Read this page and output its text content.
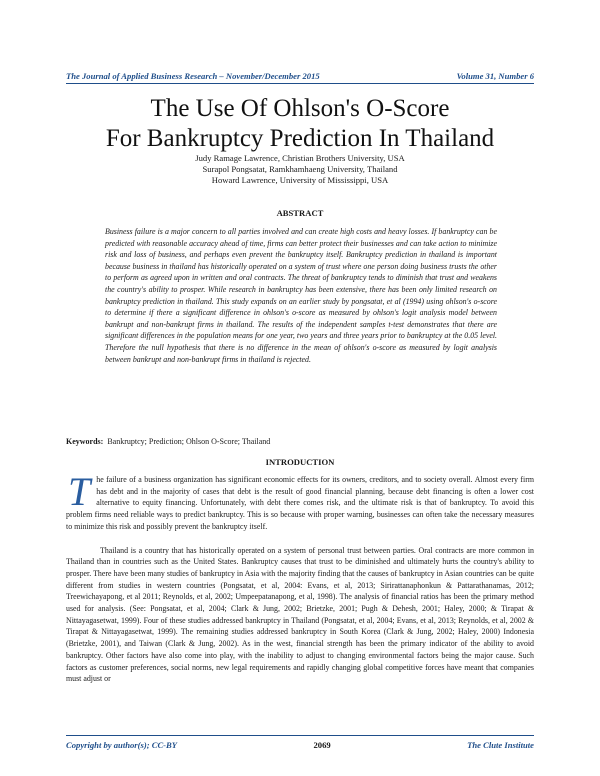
The Journal of Applied Business Research – November/December 2015	Volume 31, Number 6
The Use Of Ohlson's O-Score
For Bankruptcy Prediction In Thailand
Judy Ramage Lawrence, Christian Brothers University, USA
Surapol Pongsatat, Ramkhamhaeng University, Thailand
Howard Lawrence, University of Mississippi, USA
ABSTRACT
Business failure is a major concern to all parties involved and can create high costs and heavy losses. If bankruptcy can be predicted with reasonable accuracy ahead of time, firms can better protect their businesses and can take action to minimize risk and loss of business, and perhaps even prevent the bankruptcy itself. Bankruptcy prediction in thailand is important because business in thailand has historically operated on a system of trust where one person doing business trusts the other to perform as agreed upon in written and oral contracts. The threat of bankruptcy tends to diminish that trust and weakens the country's ability to prosper. While research in bankruptcy has been extensive, there has been only limited research on bankruptcy prediction in thailand. This study expands on an earlier study by pongsatat, et al (1994) using ohlson's o-score to determine if there a significant difference in ohlson's o-score as measured by ohlson's logit analysis model between bankrupt and non-bankrupt firms in thailand. The results of the independent samples t-test demonstrates that there are significant differences in the population means for one year, two years and three years prior to bankruptcy at the 0.05 level. Therefore the null hypothesis that there is no difference in the mean of ohlson's o-score as measured by logit analysis between bankrupt and non-bankrupt firms in thailand is rejected.
Keywords: Bankruptcy; Prediction; Ohlson O-Score; Thailand
INTRODUCTION

The failure of a business organization has significant economic effects for its owners, creditors, and to society overall. Almost every firm has debt and in the majority of cases that debt is the result of good financial planning, because debt financing is often a lower cost alternative to equity financing. Unfortunately, with debt there comes risk, and the ultimate risk is that of bankruptcy. To avoid this problem firms need reliable ways to predict bankruptcy. This is so because with proper warning, businesses can often take the necessary measures to minimize this risk and possibly prevent the bankruptcy itself.

Thailand is a country that has historically operated on a system of personal trust between parties. Oral contracts are more common in Thailand than in countries such as the United States. Bankruptcy causes that trust to be diminished and ultimately hurts the country's ability to prosper. There have been many studies of bankruptcy in Asia with the majority finding that the causes of bankruptcy in Asian countries can be quite different from studies in western countries (Pongsatat, et al, 2004: Evans, et al, 2013; Sirirattanaphonkun & Pattarathanamas, 2012; Treewichayapong, et al 2011; Reynolds, et al, 2002; Umpeepatanapong, et al, 1998). The analysis of financial ratios has been the primary method used for analysis. (See: Pongsatat, et al, 2004; Clark & Jung, 2002; Brietzke, 2001; Pugh & Dehesh, 2001; Haley, 2000; & Tirapat & Nittayagasetwat, 1999). Four of these studies addressed bankruptcy in Thailand (Pongsatat, et al, 2004; Evans, et al, 2013; Reynolds, et al, 2002 & Tirapat & Nittayagasetwat, 1999). The remaining studies addressed bankruptcy in South Korea (Clark & Jung, 2002; Haley, 2000) Indonesia (Brietzke, 2001), and Taiwan (Clark & Jung, 2002). As in the west, financial strength has been the primary indicator of the ability to avoid bankruptcy. Other factors have also come into play, with the inability to adjust to changing environmental factors being the major cause. Such factors as customer preferences, social norms, new legal requirements and rapidly changing global competitive forces have meant that companies must adjust or

Copyright by author(s); CC-BY	2069	The Clute Institute
